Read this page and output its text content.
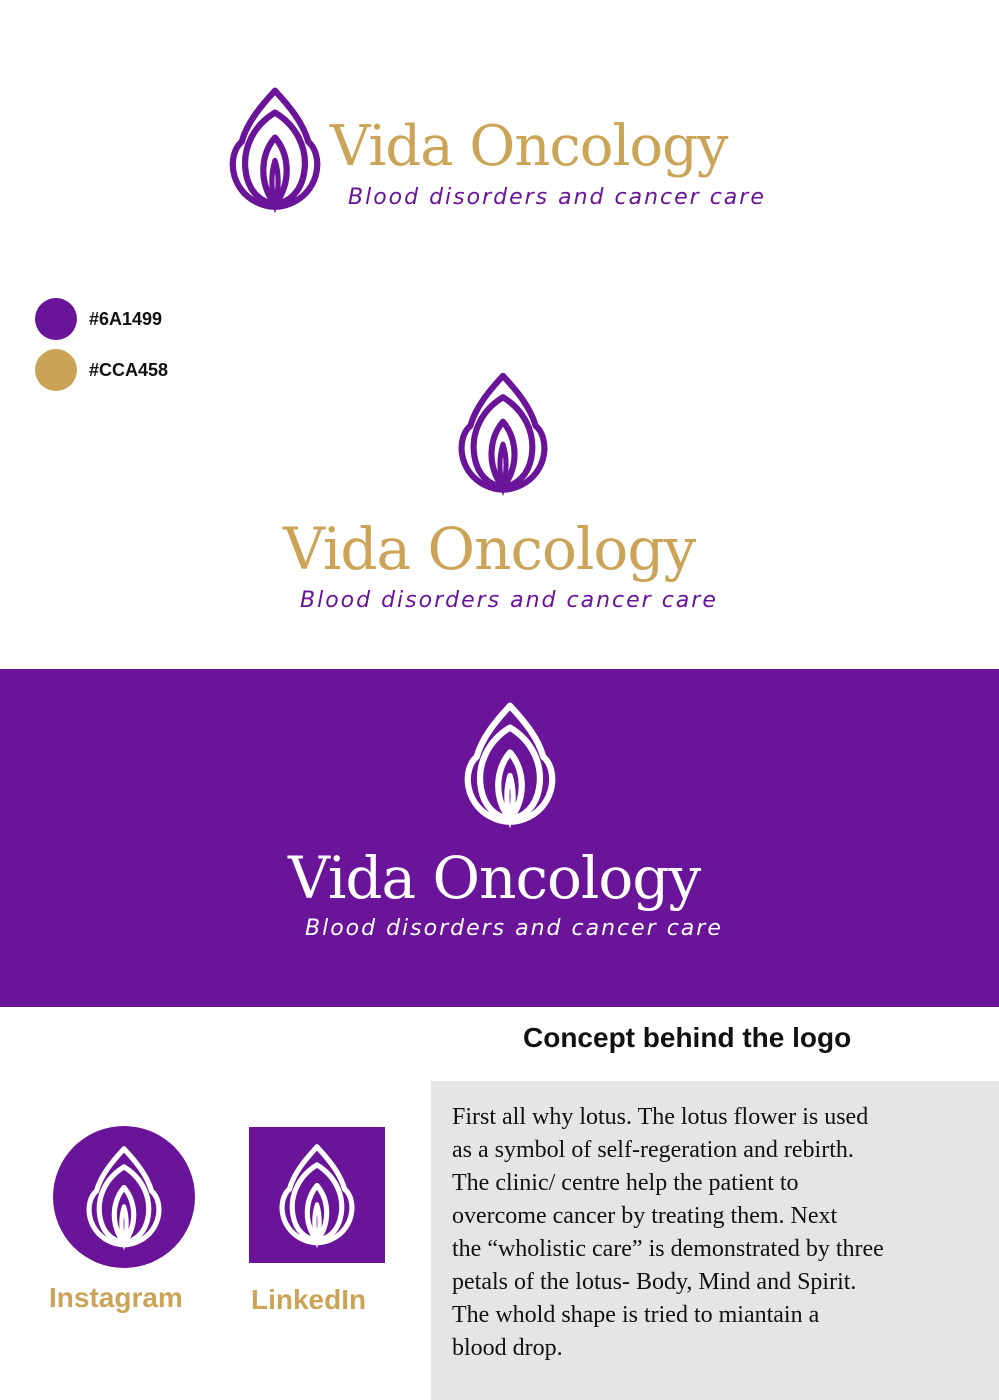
Vida Oncology
Blood disorders and cancer care
#6A1499
#CCA458
Vida Oncology
Blood disorders and cancer care
Vida Oncology
Blood disorders and cancer care
Concept behind the logo
First all why lotus. The lotus flower is used
as a symbol of self-regeration and rebirth.
The clinic/ centre help the patient to
overcome cancer by treating them. Next
the “wholistic care” is demonstrated by three
petals of the lotus- Body, Mind and Spirit.
The whold shape is tried to miantain a
blood drop.
Instagram LinkedIn
